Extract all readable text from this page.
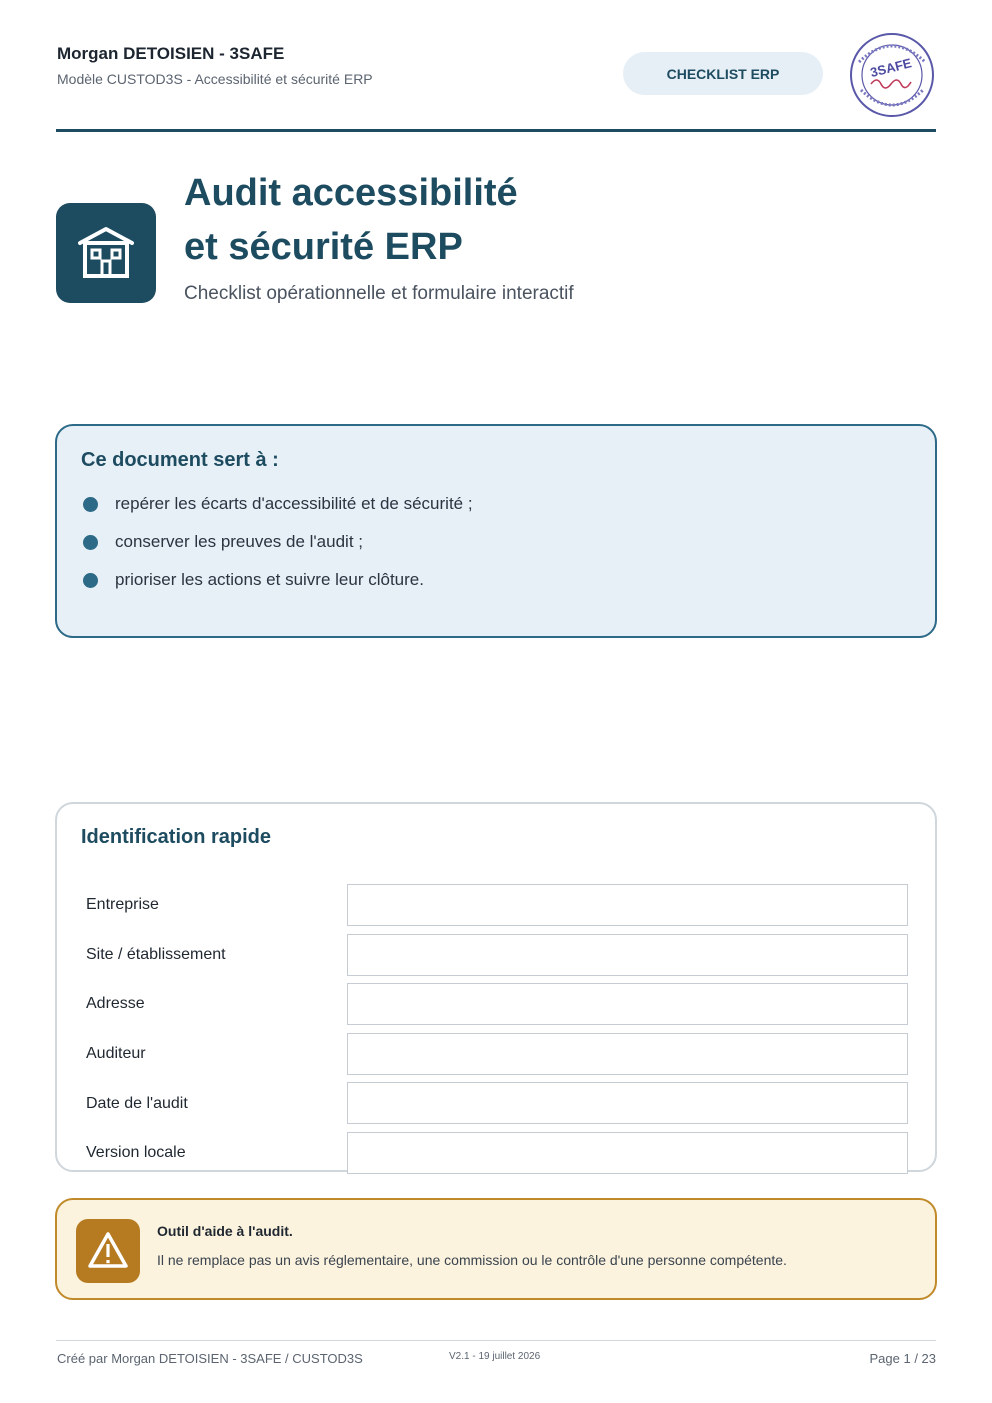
Morgan DETOISIEN - 3SAFE
Modèle CUSTOD3S - Accessibilité et sécurité ERP	CHECKLIST ERP	3SAFE
Audit accessibilité
et sécurité ERP
Checklist opérationnelle et formulaire interactif
Ce document sert à :
repérer les écarts d'accessibilité et de sécurité ;
conserver les preuves de l'audit ;
prioriser les actions et suivre leur clôture.
Identification rapide
Entreprise
Site / établissement
Adresse
Auditeur
Date de l'audit
Version locale
Outil d'aide à l'audit.
Il ne remplace pas un avis réglementaire, une commission ou le contrôle d'une personne compétente.
Créé par Morgan DETOISIEN - 3SAFE / CUSTOD3S	V2.1 - 19 juillet 2026	Page 1 / 23
